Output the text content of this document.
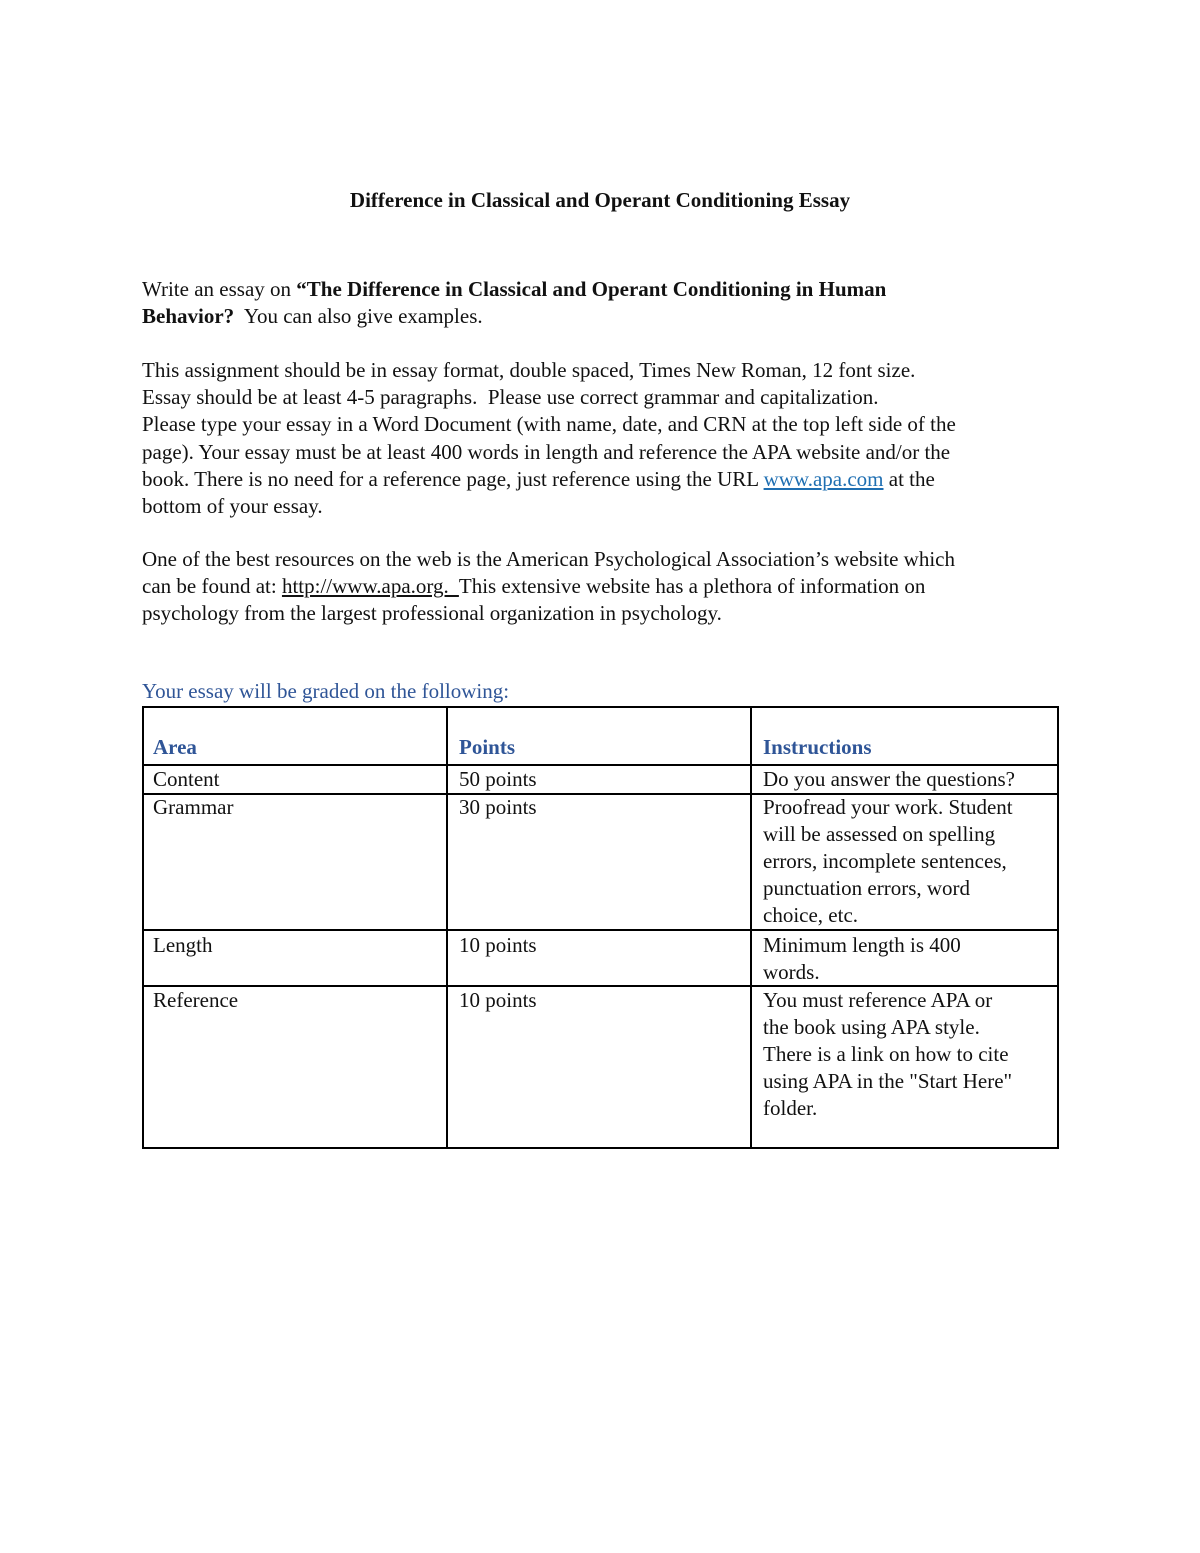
Difference in Classical and Operant Conditioning Essay
Write an essay on “The Difference in Classical and Operant Conditioning in Human
Behavior?  You can also give examples.
This assignment should be in essay format, double spaced, Times New Roman, 12 font size.
Essay should be at least 4-5 paragraphs.  Please use correct grammar and capitalization.
Please type your essay in a Word Document (with name, date, and CRN at the top left side of the
page). Your essay must be at least 400 words in length and reference the APA website and/or the
book. There is no need for a reference page, just reference using the URL www.apa.com at the
bottom of your essay.
One of the best resources on the web is the American Psychological Association’s website which
can be found at: http://www.apa.org.  This extensive website has a plethora of information on
psychology from the largest professional organization in psychology.
Your essay will be graded on the following:
Area	Points	Instructions
Content	50 points	Do you answer the questions?
Grammar	30 points	Proofread your work. Student
will be assessed on spelling
errors, incomplete sentences,
punctuation errors, word
choice, etc.
Length	10 points	Minimum length is 400
words.
Reference	10 points	You must reference APA or
the book using APA style.
There is a link on how to cite
using APA in the "Start Here"
folder.
